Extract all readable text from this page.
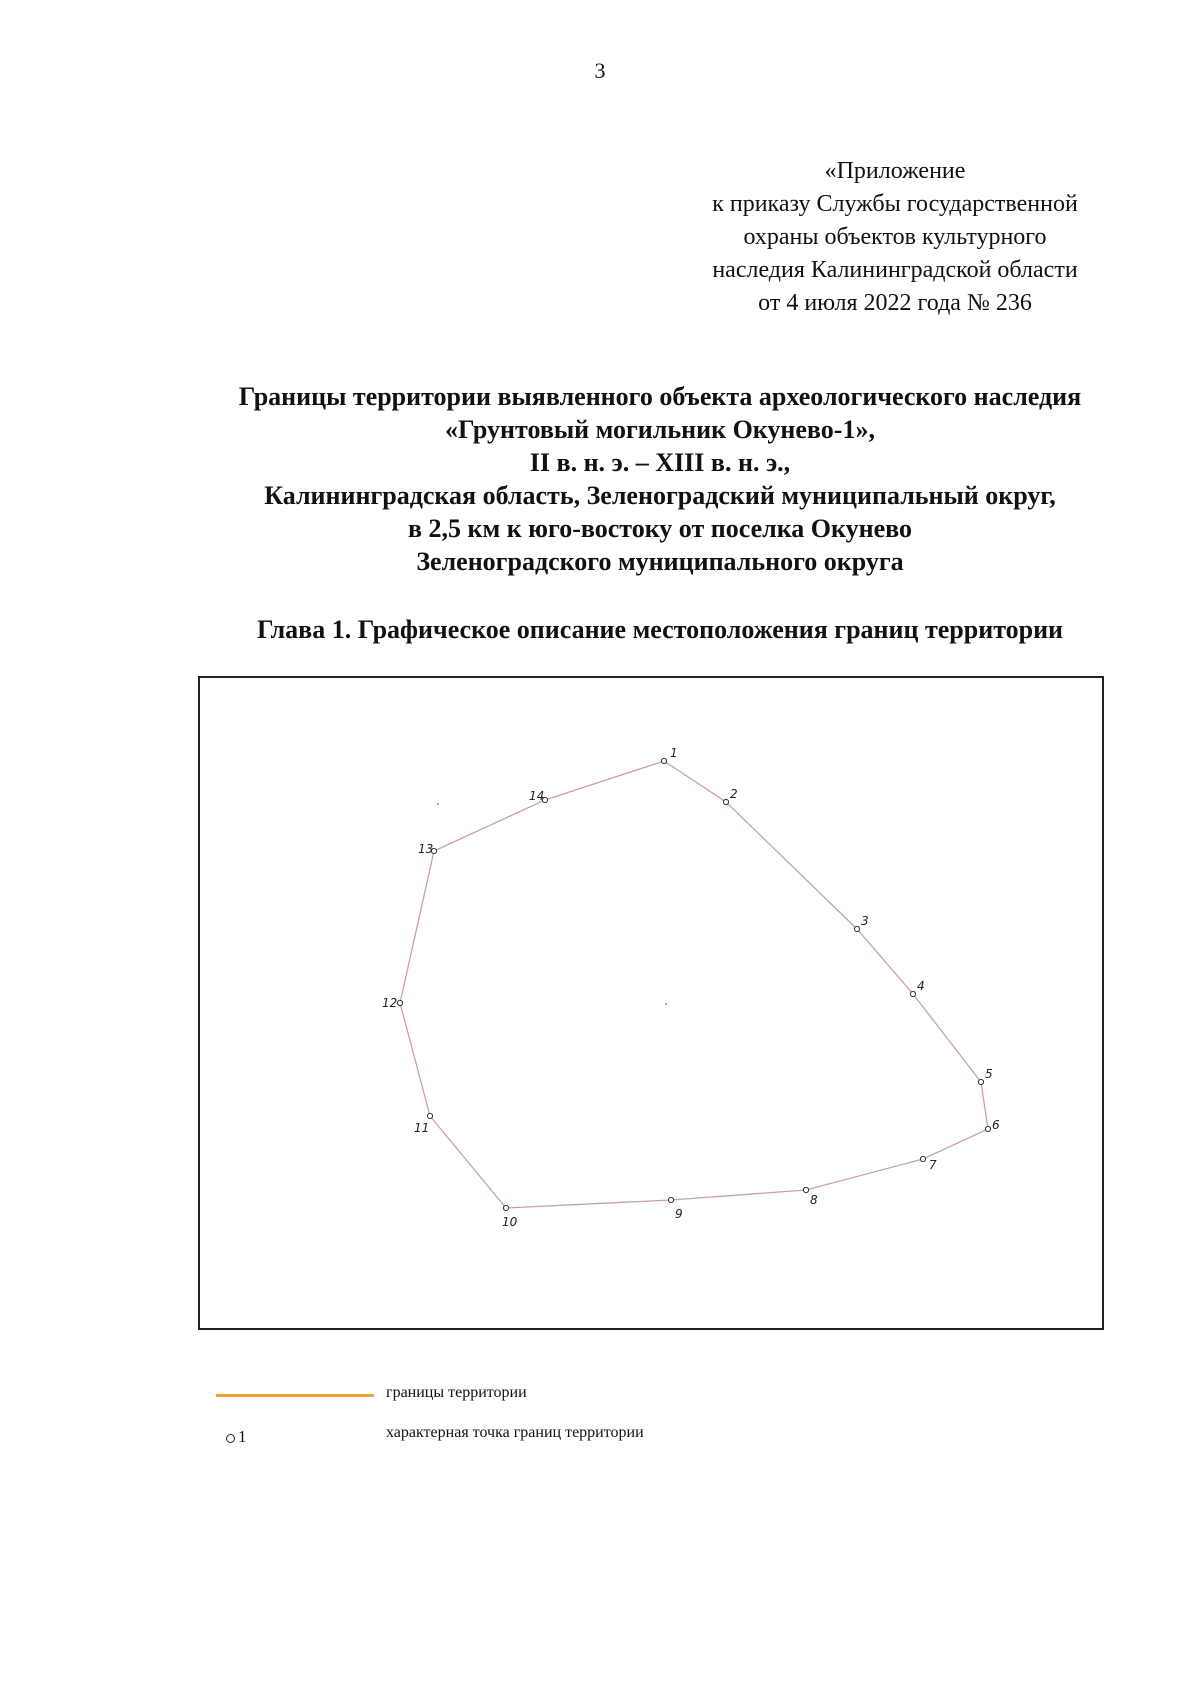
3
«Приложение
к приказу Службы государственной
охраны объектов культурного
наследия Калининградской области
от 4 июля 2022 года № 236
Границы территории выявленного объекта археологического наследия
«Грунтовый могильник Окунево-1»,
II в. н. э. – XIII в. н. э.,
Калининградская область, Зеленоградский муниципальный округ,
в 2,5 км к юго-востоку от поселка Окунево
Зеленоградского муниципального округа
Глава 1. Графическое описание местоположения границ территории
1
2
3
4
5
6
7
8
9
10
11
12
13
14
границы территории
1	характерная точка границ территории
